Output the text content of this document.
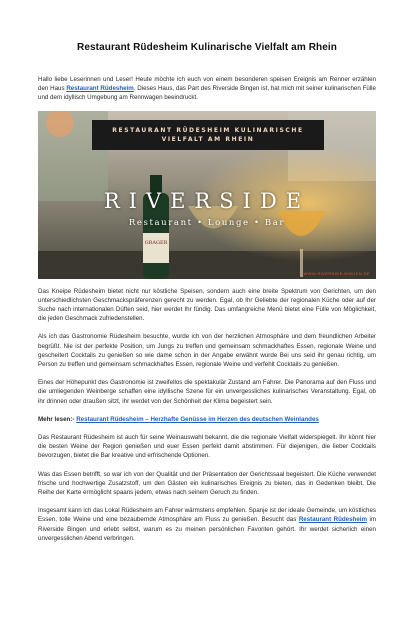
Restaurant Rüdesheim Kulinarische Vielfalt am Rhein

Hallo liebe Leserinnen und Leser! Heute möchte ich euch von einem besonderen speisen Ereignis am Renner erzählen den Haus Restaurant Rüdesheim. Dieses Haus, das Part des Riverside Bingen ist, hat mich mit seiner kulinarischen Fülle und dem idyllisch Umgebung am Rennwagen beeindruckt.

GRAGER
RESTAURANT RÜDESHEIM KULINARISCHE VIELFALT AM RHEIN
RIVERSIDE
Restaurant • Lounge • Bar
WWW.RIVERSIDE-BINGEN.DE

Das Kneipe Rüdesheim bietet nicht nur köstliche Speisen, sondern auch eine breite Spektrum von Gerichten, um den unterschiedlichsten Geschmackspräferenzen gerecht zu werden. Egal, ob Ihr Geliebte der regionalen Küche oder auf der Suche nach internationalen Düften seid, hier werdet Ihr fündig. Das umfangreiche Menü bietet eine Fülle von Möglichkeit, die jeden Geschmack zufriedenstellen.

Als ich das Gastronomie Rüdesheim besuchte, wurde ich von der herzlichen Atmosphäre und dem freundlichen Arbeiter begrüßt. Nie ist der perfekte Position, um Jungs zu treffen und gemeinsam schmackhaftes Essen, regionale Weine und gescheitert Cocktails zu genießen so wie dame schon in der Angabe erwähnt wurde Bei uns seid ihr genau richtig, um Person zu treffen und gemeinsam schmackhaftes Essen, regionale Weine und verfehlt Cocktails zu genießen.

Eines der Höhepunkt des Gastronomie ist zweifellos die spektakulär Zustand am Fahrer. Die Panorama auf den Fluss und die umliegenden Weinberge schaffen eine idyllische Szene für ein unvergessliches kulinarisches Veranstaltung. Egal, ob ihr drinnen oder draußen sitzt, ihr werdet von der Schönheit der Klima begeistert sein.

Mehr lesen:- Restaurant Rüdesheim – Herzhafte Genüsse im Herzen des deutschen Weinlandes

Das Restaurant Rüdesheim ist auch für seine Weinauswahl bekannt, die die regionale Vielfalt widerspiegelt. Ihr könnt hier die besten Weine der Region genießen und euer Essen perfekt damit abstimmen. Für diejenigen, die lieber Cocktails bevorzugen, bietet die Bar kreative und erfrischende Optionen.

Was das Essen betrifft, so war ich von der Qualität und der Präsentation der Gerichtssaal begeistert. Die Küche verwendet frische und hochwertige Zusatzstoff, um den Gästen ein kulinarisches Ereignis zu bieten, das in Gedenken bleibt. Die Reihe der Karte ermöglicht spaans jedem, etwas nach seinem Geruch zu finden.

Insgesamt kann ich das Lokal Rüdesheim am Fahrer wärmstens empfehlen. Spanje ist der ideale Gemeinde, um köstliches Essen, tolle Weine und eine bezaubernde Atmosphäre am Fluss zu genießen. Besucht das Restaurant Rüdesheim im Riverside Bingen und erlebt selbst, warum es zu meinen persönlichen Favoriten gehört. Ihr werdet sicherlich einen unvergesslichen Abend verbringen.
